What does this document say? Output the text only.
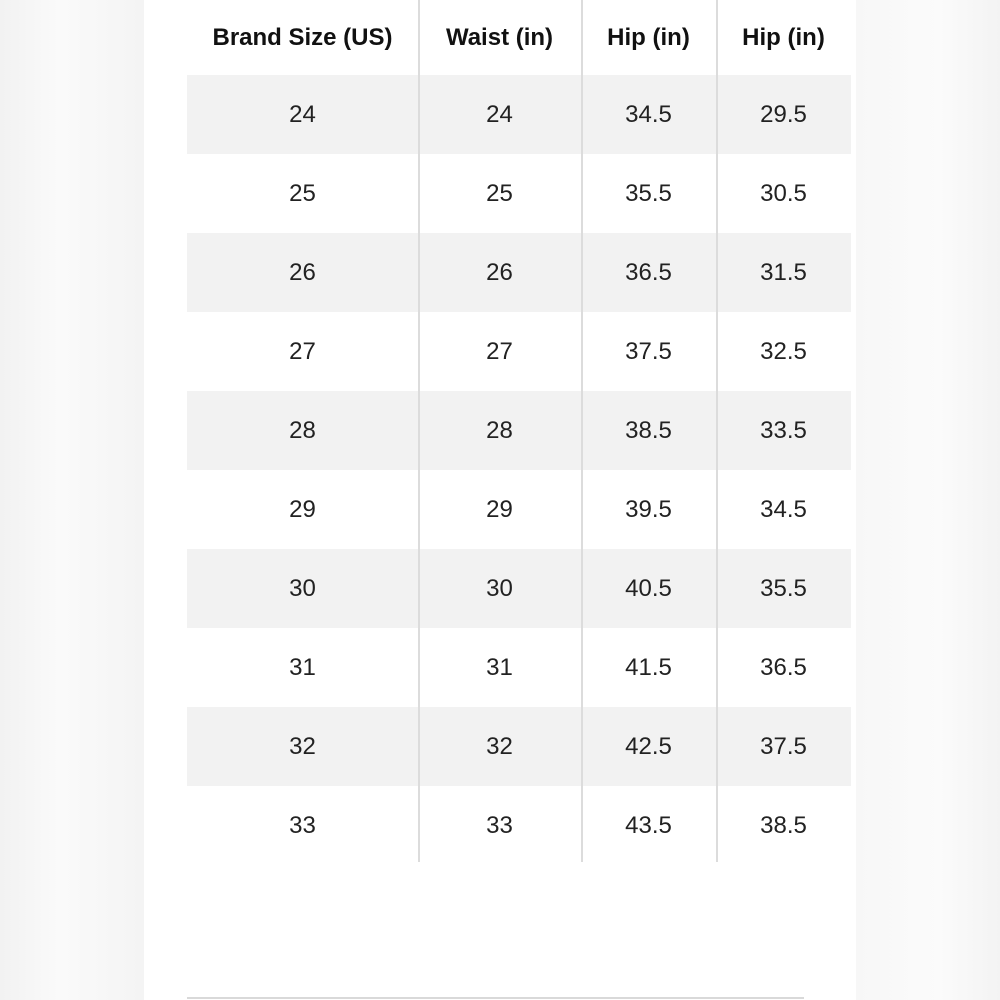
Brand Size (US)	Waist (in)	Hip (in)	Hip (in)
24	24	34.5	29.5
25	25	35.5	30.5
26	26	36.5	31.5
27	27	37.5	32.5
28	28	38.5	33.5
29	29	39.5	34.5
30	30	40.5	35.5
31	31	41.5	36.5
32	32	42.5	37.5
33	33	43.5	38.5
